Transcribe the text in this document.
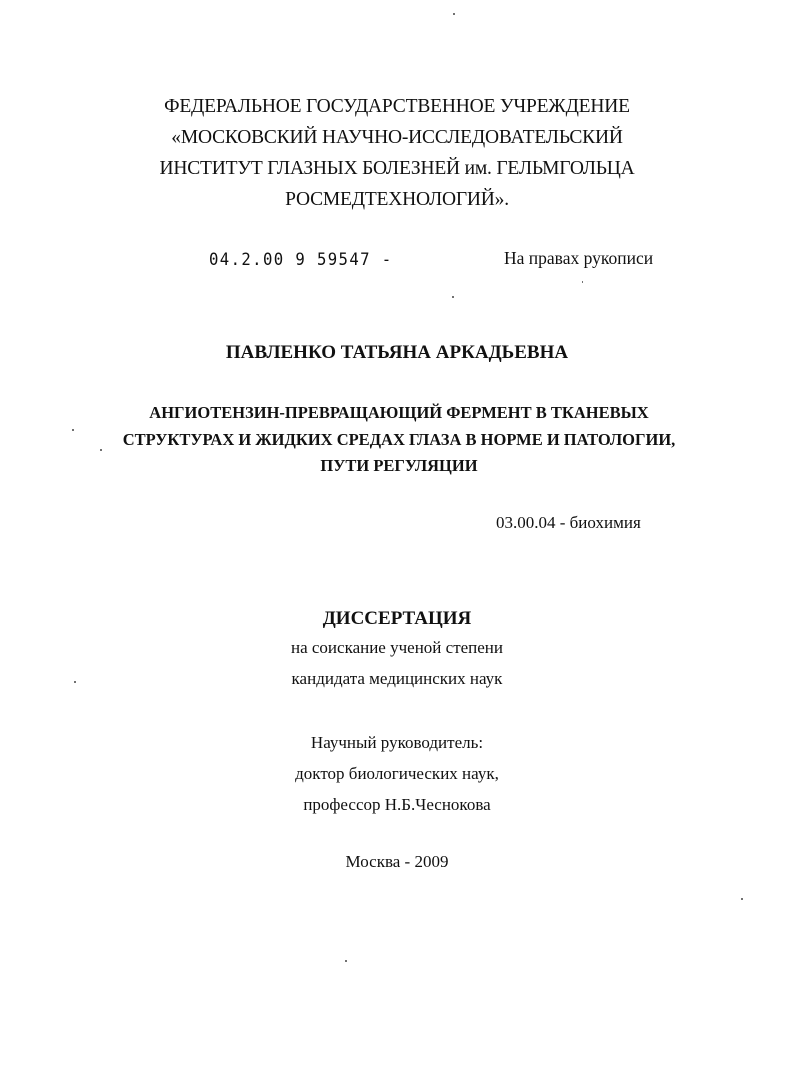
ФЕДЕРАЛЬНОЕ ГОСУДАРСТВЕННОЕ УЧРЕЖДЕНИЕ
«МОСКОВСКИЙ НАУЧНО-ИССЛЕДОВАТЕЛЬСКИЙ
ИНСТИТУТ ГЛАЗНЫХ БОЛЕЗНЕЙ им. ГЕЛЬМГОЛЬЦА
РОСМЕДТЕХНОЛОГИЙ».
04.2.00 9 59547 -	На правах рукописи
ПАВЛЕНКО ТАТЬЯНА АРКАДЬЕВНА
АНГИОТЕНЗИН-ПРЕВРАЩАЮЩИЙ ФЕРМЕНТ В ТКАНЕВЫХ
СТРУКТУРАХ И ЖИДКИХ СРЕДАХ ГЛАЗА В НОРМЕ И ПАТОЛОГИИ,
ПУТИ РЕГУЛЯЦИИ
03.00.04 - биохимия
ДИССЕРТАЦИЯ
на соискание ученой степени
кандидата медицинских наук
Научный руководитель:
доктор биологических наук,
профессор Н.Б.Чеснокова
Москва - 2009
